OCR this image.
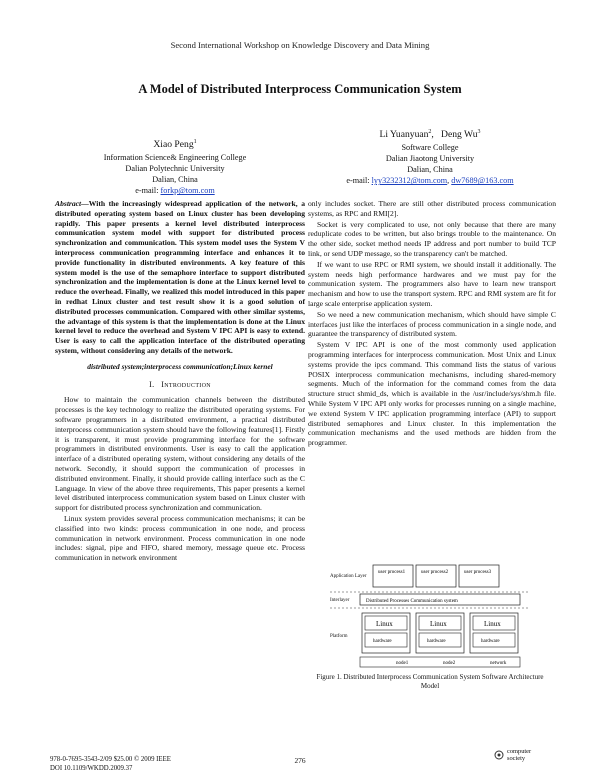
Second International Workshop on Knowledge Discovery and Data Mining
A Model of Distributed Interprocess Communication System
Xiao Peng$^1$
Information Science& Engineering College
Dalian Polytechnic University
Dalian, China
e-mail: forkp@tom.com
Li Yuanyuan$^2$,   Deng Wu$^3$
Software College
Dalian Jiaotong University
Dalian, China
e-mail: lyy3232312@tom.com, dw7689@163.com
Abstract—With the increasingly widespread application of the network, a distributed operating system based on Linux cluster has been developing rapidly. This paper presents a kernel level distributed interprocess communication system model with support for distributed process synchronization and communication. This system model uses the System V interprocess communication programming interface and enhances it to provide functionality in distributed environments. A key feature of this system model is the use of the semaphore interface to support distributed synchronization and the implementation is done at the Linux kernel level to reduce the overhead. Finally, we realized this model introduced in this paper in redhat Linux cluster and test result show it is a good solution of distributed processes communication. Compared with other similar systems, the advantage of this system is that the implementation is done at the Linux kernel level to reduce the overhead and System V IPC API is easy to extend. User is easy to call the application interface of the distributed operating system, without considering any details of the network.
distributed system;interprocess communication;Linux kernel
I. Introduction

How to maintain the communication channels between the distributed processes is the key technology to realize the distributed operating systems. For software programmers in a distributed environment, a practical distributed interprocess communication system should have the following features[1]. Firstly it is transparent, it must provide programming interface for the software programmers in distributed environments. User is easy to call the application interface of a distributed operating system, without considering any details of the network. Secondly, it should support the communication of processes in distributed environment. Finally, it should provide calling interface such as the C Language. In view of the above three requirements, This paper presents a kernel level distributed interprocess communication system based on Linux cluster with support for distributed process synchronization and communication.

Linux system provides several process communication mechanisms; it can be classified into two kinds: process communication in one node, and process communication in network environment. Process communication in one node includes: signal, pipe and FIFO, shared memory, message queue etc. Process communication in network environment

only includes socket. There are still other distributed process communication systems, as RPC and RMI[2].

Socket is very complicated to use, not only because that there are many reduplicate codes to be written, but also brings trouble to the maintenance. On the other side, socket method needs IP address and port number to build TCP link, or send UDP message, so the transparency can't be matched.

If we want to use RPC or RMI system, we should install it additionally. The system needs high performance hardwares and we must pay for the communication system. The programmers also have to learn new transport mechanism and how to use the transport system. RPC and RMI system are fit for large scale enterprise application system.

So we need a new communication mechanism, which should have simple C interfaces just like the interfaces of process communication in a single node, and guarantee the transparency of distributed system.

System V IPC API is one of the most commonly used application programming interfaces for interprocess communication. Most Unix and Linux systems provide the ipcs command. This command lists the status of various POSIX interprocess communication mechanisms, including shared-memory segments. Much of the information for the command comes from the data structure struct shmid_ds, which is available in the /usr/include/sys/shm.h file. While System V IPC API only works for processes running on a single machine, we extend System V IPC application programming interface (API) to support distributed semaphores and Linux cluster. In this implementation the communication mechanisms and the used methods are hidden from the programmer.

Application Layer
Interlayer
Platform
user process1	user process2	user process3
Distributed Processes Communication system
Linux	Linux	Linux
hardware	hardware	hardware
node1	node2	network
Figure 1. Distributed Interprocess Communication System Software Architecture Model
978-0-7695-3543-2/09 $25.00 © 2009 IEEE
DOI 10.1109/WKDD.2009.37
276
computer
society
